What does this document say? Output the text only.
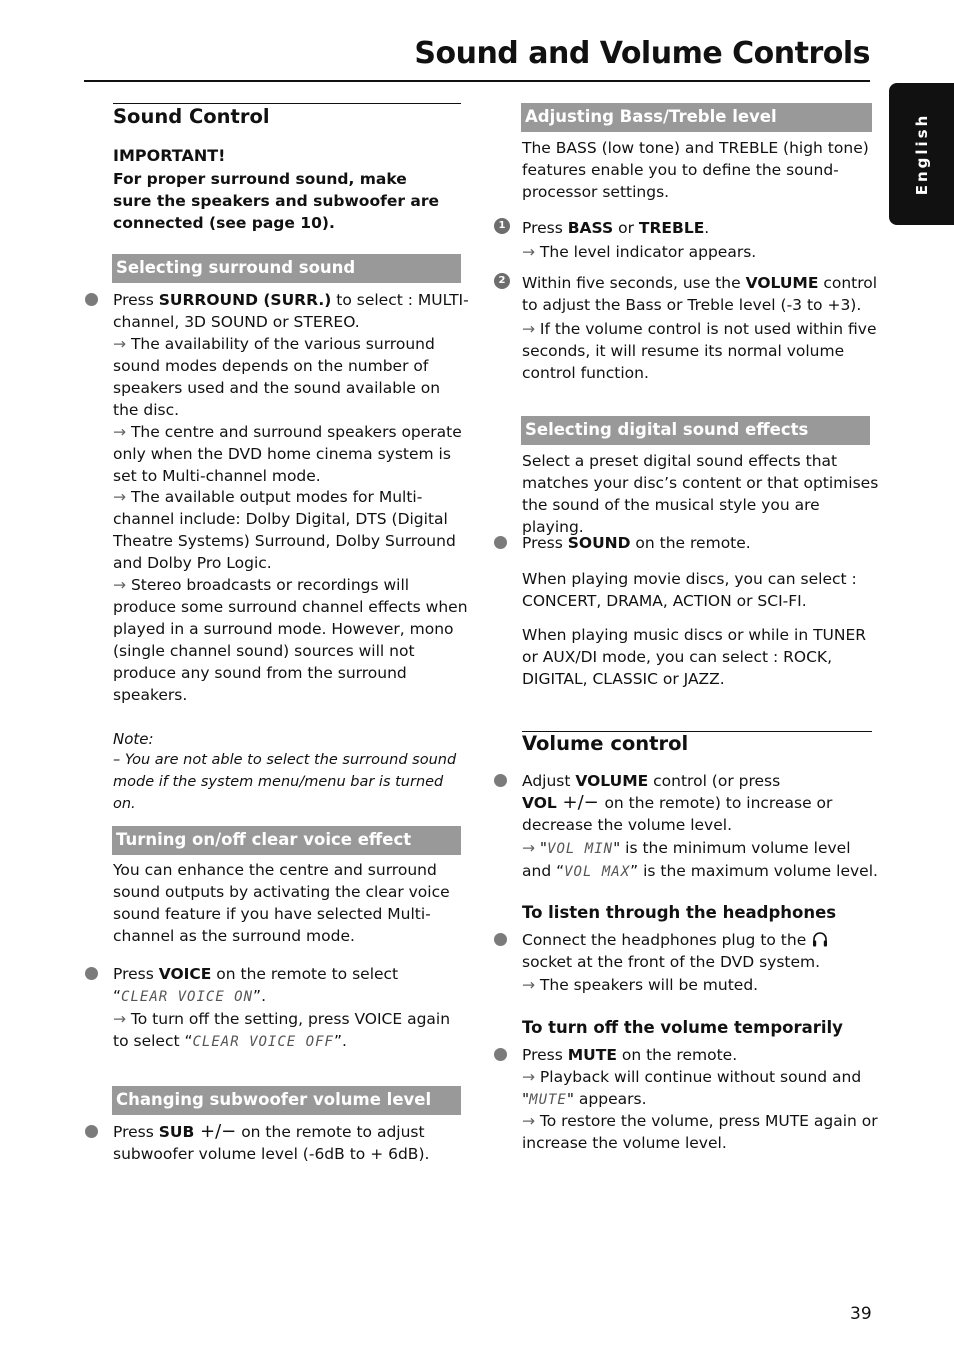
Sound and Volume Controls
English
Sound Control

IMPORTANT!

For proper surround sound, make sure the speakers and subwoofer are connected (see page 10).

Selecting surround sound

Press SURROUND (SURR.) to select : MULTI-channel, 3D SOUND or STEREO.

→ The availability of the various surround sound modes depends on the number of speakers used and the sound available on the disc.

→ The centre and surround speakers operate only when the DVD home cinema system is set to Multi-channel mode.

→ The available output modes for Multi-channel include: Dolby Digital, DTS (Digital Theatre Systems) Surround, Dolby Surround and Dolby Pro Logic.

→ Stereo broadcasts or recordings will produce some surround channel effects when played in a surround mode. However, mono (single channel sound) sources will not produce any sound from the surround speakers.

Note:

– You are not able to select the surround sound mode if the system menu/menu bar is turned on.

Turning on/off clear voice effect

You can enhance the centre and surround sound outputs by activating the clear voice sound feature if you have selected Multi-channel as the surround mode.

Press VOICE on the remote to select
“CLEAR VOICE ON”.

→ To turn off the setting, press VOICE again to select “CLEAR VOICE OFF”.

Changing subwoofer volume level

Press SUB +/− on the remote to adjust subwoofer volume level (-6dB to + 6dB).

Adjusting Bass/Treble level

The BASS (low tone) and TREBLE (high tone) features enable you to define the sound-processor settings.

1 Press BASS or TREBLE.

→ The level indicator appears.

2 Within five seconds, use the VOLUME control to adjust the Bass or Treble level (-3 to +3).

→ If the volume control is not used within five seconds, it will resume its normal volume control function.

Selecting digital sound effects

Select a preset digital sound effects that matches your disc’s content or that optimises the sound of the musical style you are playing.

Press SOUND on the remote.

When playing movie discs, you can select : CONCERT, DRAMA, ACTION or SCI-FI.

When playing music discs or while in TUNER or AUX/DI mode, you can select : ROCK, DIGITAL, CLASSIC or JAZZ.

Volume control

Adjust VOLUME control (or press
VOL +/− on the remote) to increase or decrease the volume level.

→ "VOL MIN" is the minimum volume level and “VOL MAX” is the maximum volume level.

To listen through the headphones

Connect the headphones plug to the  socket at the front of the DVD system.

→ The speakers will be muted.

To turn off the volume temporarily

Press MUTE on the remote.

→ Playback will continue without sound and
"MUTE" appears.

→ To restore the volume, press MUTE again or increase the volume level.

39
